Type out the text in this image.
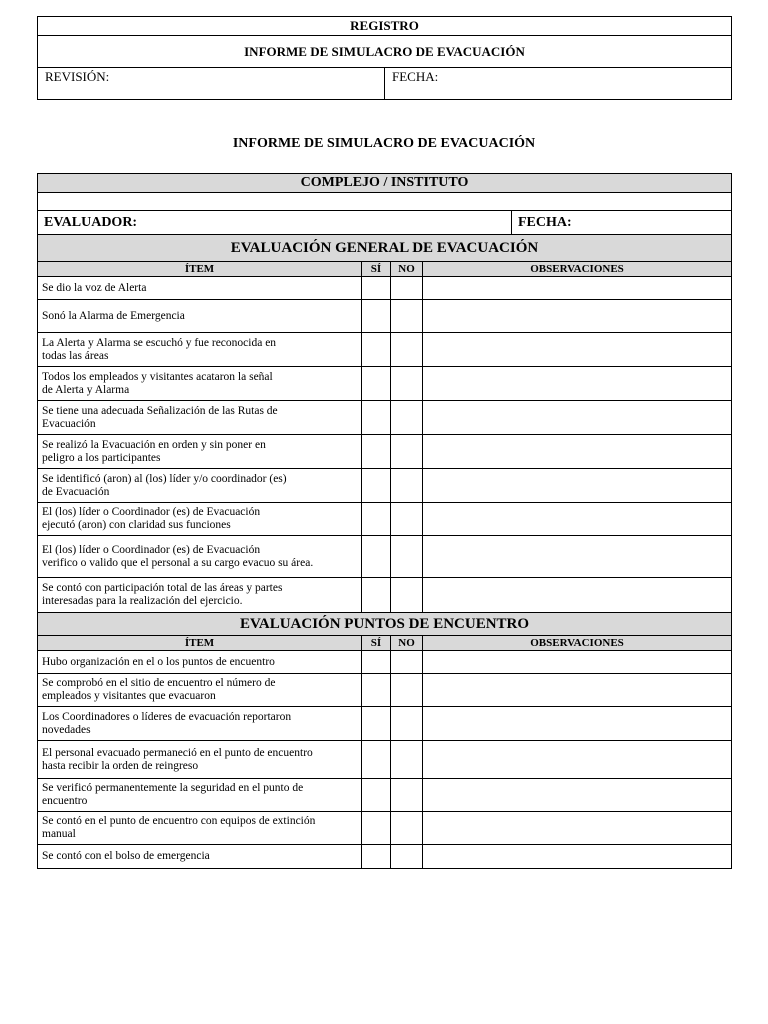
REGISTRO
INFORME DE SIMULACRO DE EVACUACIÓN
REVISIÓN:	FECHA:
INFORME DE SIMULACRO DE EVACUACIÓN
COMPLEJO / INSTITUTO				

EVALUADOR:				FECHA:
EVALUACIÓN GENERAL DE EVACUACIÓN				
ÍTEM	SÍ	NO	OBSERVACIONES	

Se dio la voz de Alerta				

Sonó la Alarma de Emergencia				

La Alerta y Alarma se escuchó y fue reconocida en
todas las áreas				

Todos los empleados y visitantes acataron la señal
de Alerta y Alarma				

Se tiene una adecuada Señalización de las Rutas de
Evacuación				

Se realizó la Evacuación en orden y sin poner en
peligro a los participantes				

Se identificó (aron) al (los) líder y/o coordinador (es)
de Evacuación				

El (los) líder o Coordinador (es) de Evacuación
ejecutó (aron) con claridad sus funciones				

El (los) líder o Coordinador (es) de Evacuación
verifico o valido que el personal a su cargo evacuo su área.				

Se contó con participación total de las áreas y partes
interesadas para la realización del ejercicio.				

EVALUACIÓN PUNTOS DE ENCUENTRO				
ÍTEM	SÍ	NO	OBSERVACIONES	

Hubo organización en el o los puntos de encuentro				

Se comprobó en el sitio de encuentro el número de
empleados y visitantes que evacuaron				

Los Coordinadores o líderes de evacuación reportaron
novedades				

El personal evacuado permaneció en el punto de encuentro
hasta recibir la orden de reingreso				

Se verificó permanentemente la seguridad en el punto de
encuentro				

Se contó en el punto de encuentro con equipos de extinción
manual				

Se contó con el bolso de emergencia				
